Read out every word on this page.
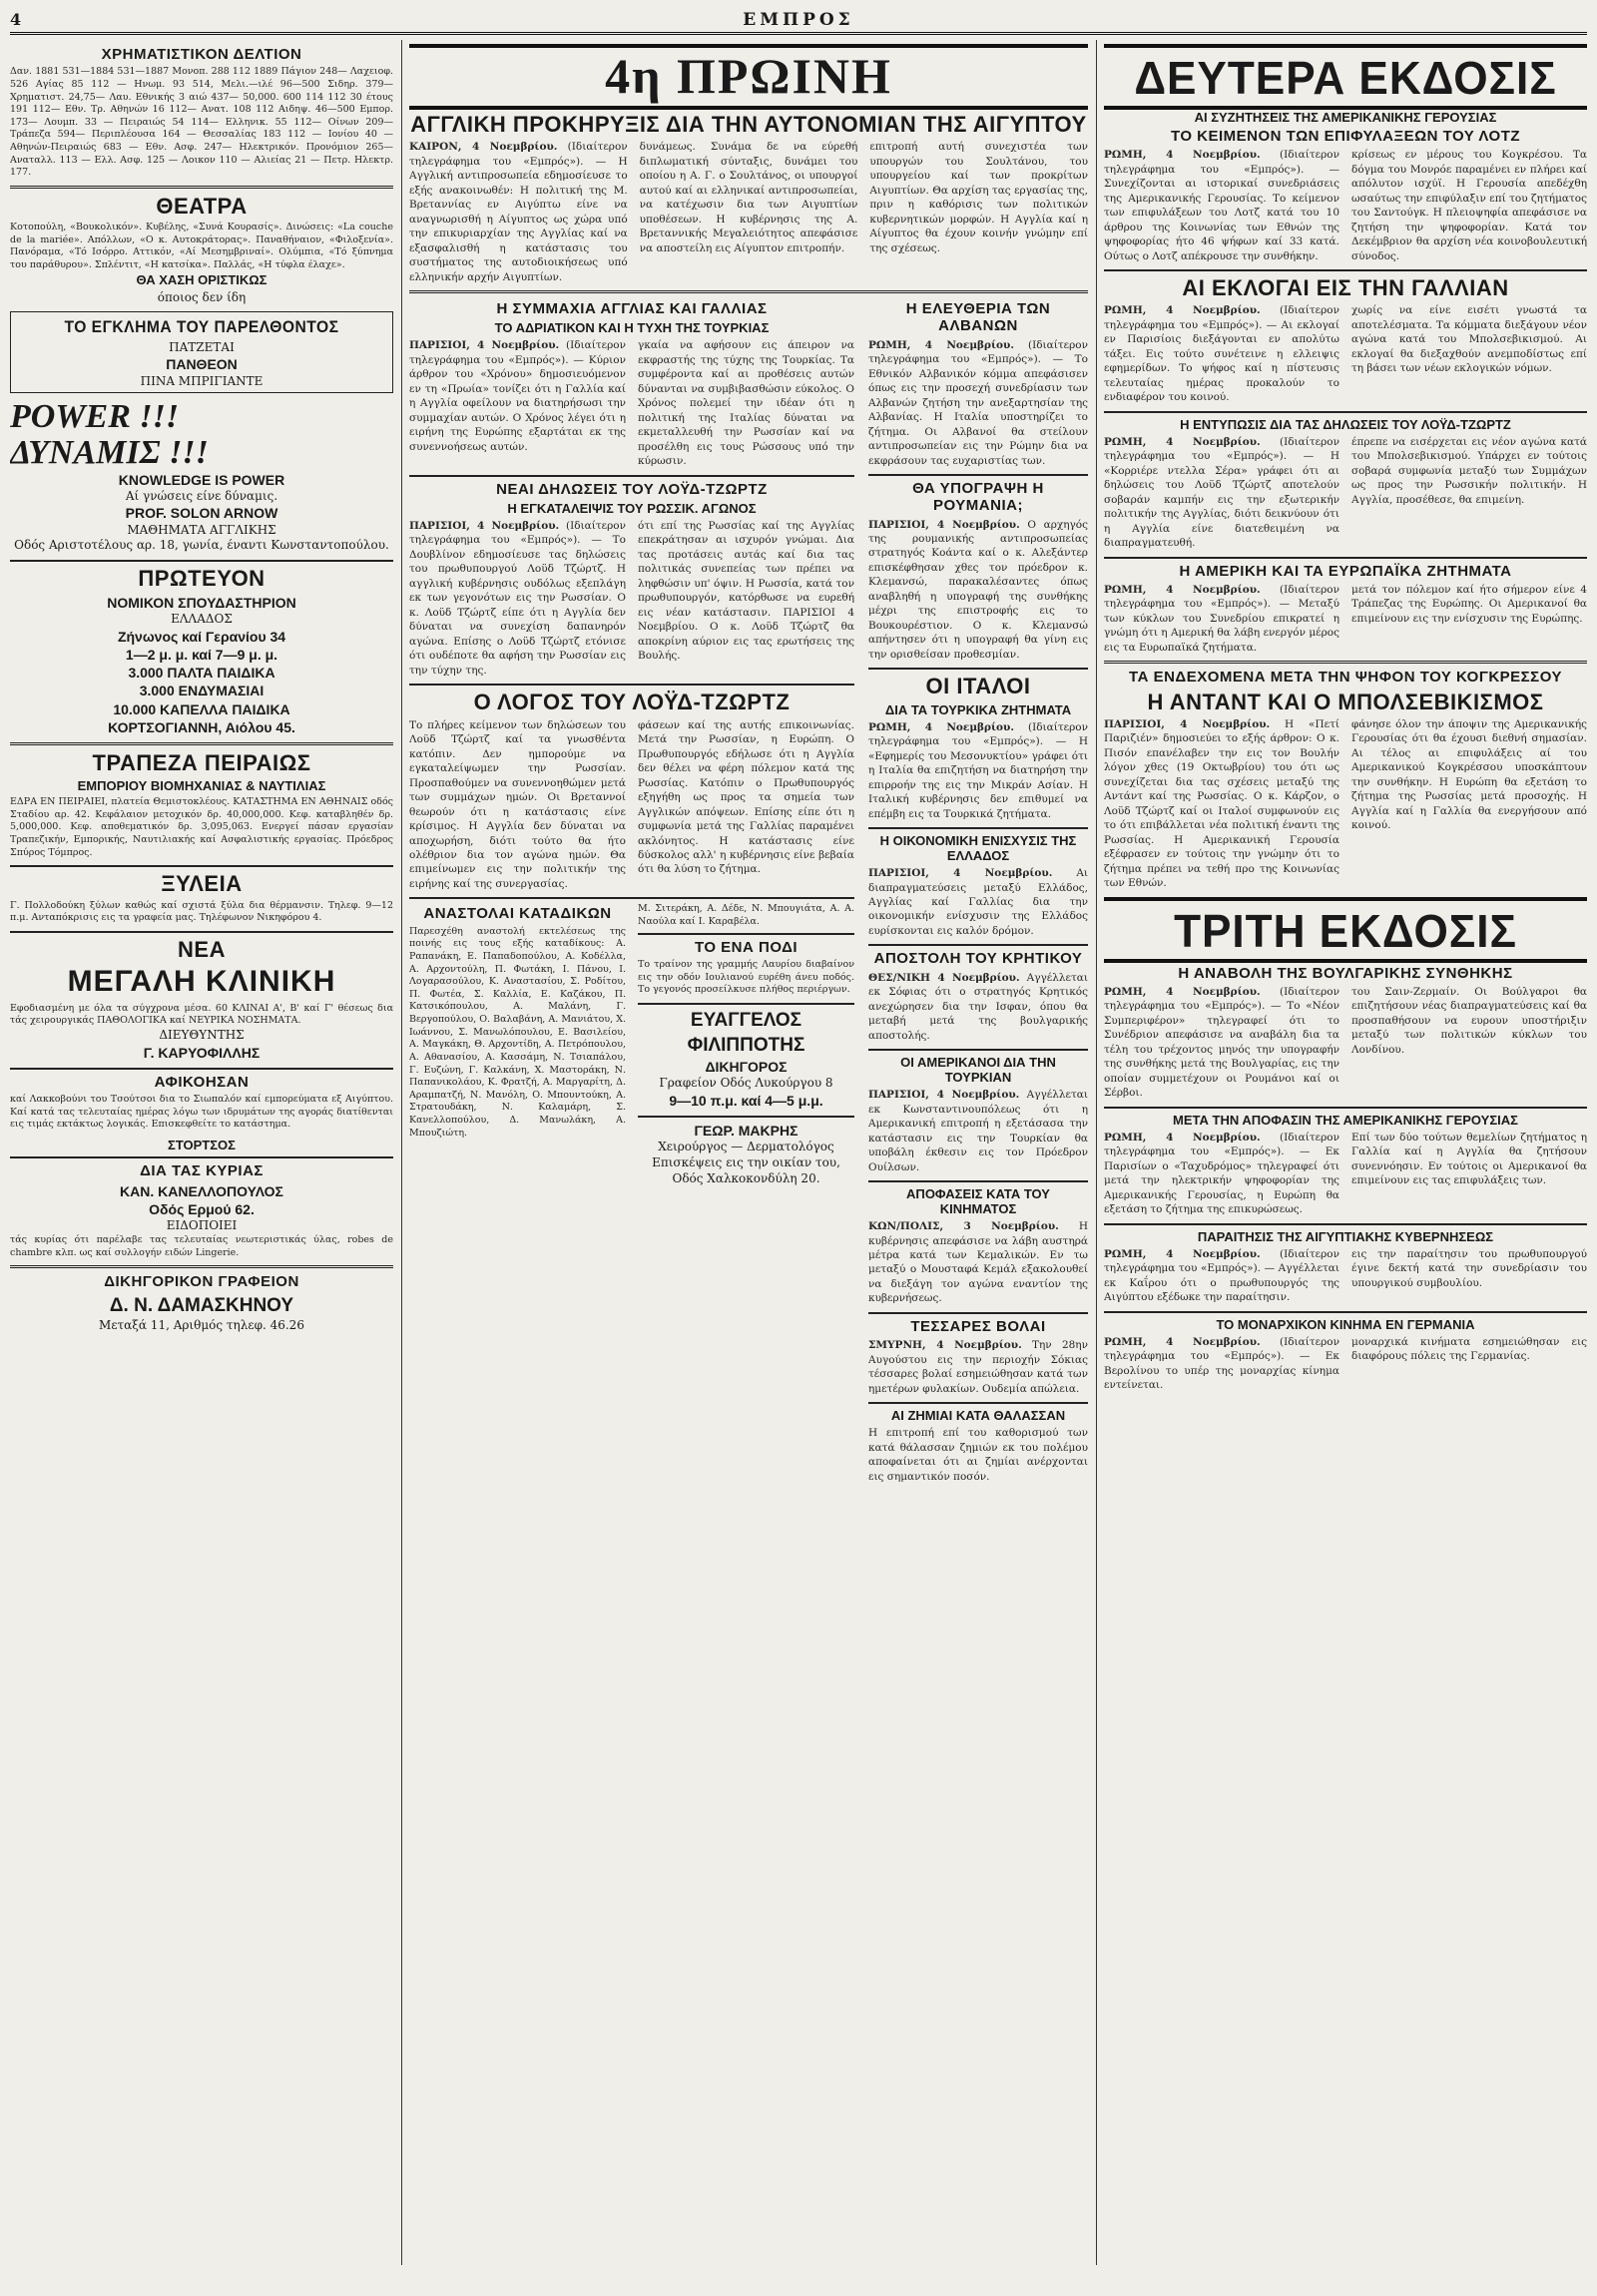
4	ΕΜΠΡΟΣ
ΧΡΗΜΑΤΙΣΤΙΚΟΝ ΔΕΛΤΙΟΝ

Δαν. 1881 531—1884 531—1887 Μονοπ. 288 112 1889 Πάγιον 248— Λαχειοφ. 526 Αγίας 85 112 — Ηνωμ. 93 514, Μελι.—ιλέ 96—500 Σιδηρ. 379— Χρηματιστ. 24,75— Λαυ. Εθνικής 3 αιώ 437— 50,000. 600 114 112 30 έτους 191 112— Εθν. Τρ. Αθηνών 16 112— Ανατ. 108 112 Αιδηψ. 46—500 Εμπορ. 173— Λουμπ. 33 — Πειραιώς 54 114— Ελληνικ. 55 112— Οίνων 209— Τράπεζα 594— Περιπλέουσα 164 — Θεσσαλίας 183 112 — Ιονίου 40 — Αθηνών-Πειραιώς 683 — Εθν. Ασφ. 247— Ηλεκτρικόν. Προνόμιον 265— Αναταλλ. 113 — Ελλ. Ασφ. 125 — Λοικον 110 — Αλιείας 21 — Πετρ. Ηλεκτρ. 177.

ΘΕΑΤΡΑ

Κοτοπούλη, «Βουκολικόν». Κυβέλης, «Συνά Κουρασίς». Δινώσεις: «La couche de la mariée». Απόλλων, «Ο κ. Αυτοκράτορας». Παναθήναιον, «Φιλοξενία». Πανόραμα, «Τό Ισόρρο. Αττικόν, «Αί Μεσημβριναί». Ολύμπια, «Τό ξύπνημα του παράθυρου». Σπλέντιτ, «Η κατσίκα». Παλλάς, «Η τύφλα έλαχε».

ΘΑ ΧΑΣΗ ΟΡΙΣΤΙΚΩΣ

όποιος δεν ίδη

ΤΟ ΕΓΚΛΗΜΑ ΤΟΥ ΠΑΡΕΛΘΟΝΤΟΣ

ΠΑΤΖΕΤΑΙ

ΠΑΝΘΕΟΝ

ΠΙΝΑ ΜΠΡΙΓΙΑΝΤΕ

POWER !!!

ΔΥΝΑΜΙΣ !!!

KNOWLEDGE IS POWER

Αί γνώσεις είνε δύναμις.

PROF. SOLON ARNOW

ΜΑΘΗΜΑΤΑ ΑΓΓΛΙΚΗΣ

Οδός Αριστοτέλους αρ. 18, γωνία, έναντι Κωνσταντοπούλου.

ΠΡΩΤΕΥΟΝ

ΝΟΜΙΚΟΝ ΣΠΟΥΔΑΣΤΗΡΙΟΝ

ΕΛΛΑΔΟΣ

Ζήνωνος καί Γερανίου 34

1—2 μ. μ. καί 7—9 μ. μ.

3.000 ΠΑΛΤΑ ΠΑΙΔΙΚΑ

3.000 ΕΝΔΥΜΑΣΙΑΙ

10.000 ΚΑΠΕΛΛΑ ΠΑΙΔΙΚΑ

ΚΟΡΤΣΟΓΙΑΝΝΗ, Αιόλου 45.

ΤΡΑΠΕΖΑ ΠΕΙΡΑΙΩΣ
ΕΜΠΟΡΙΟΥ ΒΙΟΜΗΧΑΝΙΑΣ & ΝΑΥΤΙΛΙΑΣ

ΕΔΡΑ ΕΝ ΠΕΙΡΑΙΕΙ, πλατεία Θεμιστοκλέους. ΚΑΤΑΣΤΗΜΑ ΕΝ ΑΘΗΝΑΙΣ οδός Σταδίου αρ. 42. Κεφάλαιον μετοχικόν δρ. 40,000,000. Κεφ. καταβληθέν δρ. 5,000,000. Κεφ. αποθεματικόν δρ. 3,095,063. Ενεργεί πάσαν εργασίαν Τραπεζικήν, Εμπορικής, Ναυτιλιακής καί Ασφαλιστικής εργασίας. Πρόεδρος Σπύρος Τόμπρος.

ΞΥΛΕΙΑ

Γ. Πολλοδούκη ξύλων καθώς καί σχιστά ξύλα δια θέρμανσιν. Τηλεφ. 9—12 π.μ. Ανταπόκρισις εις τα γραφεία μας. Τηλέφωνον Νικηφόρου 4.

ΝΕΑ
ΜΕΓΑΛΗ ΚΛΙΝΙΚΗ

Εφοδιασμένη με όλα τα σύγχρονα μέσα. 60 ΚΛΙΝΑΙ Α', Β' καί Γ' θέσεως δια τάς χειρουργικάς ΠΑΘΟΛΟΓΙΚΑ καί ΝΕΥΡΙΚΑ ΝΟΣΗΜΑΤΑ.

ΔΙΕΥΘΥΝΤΗΣ

Γ. ΚΑΡΥΟΦΙΛΛΗΣ

ΑΦΙΚΟΗΣΑΝ

καί Λακκοβούνι του Τσούτσοι δια το Σιωπαλόν καί εμπορεύματα εξ Αιγύπτου. Καί κατά τας τελευταίας ημέρας λόγω των ιδρυμάτων της αγοράς διατίθενται εις τιμάς εκτάκτως λογικάς. Επισκεφθείτε το κατάστημα.

ΣΤΟΡΤΣΟΣ
ΔΙΑ ΤΑΣ ΚΥΡΙΑΣ

ΚΑΝ. ΚΑΝΕΛΛΟΠΟΥΛΟΣ

Οδός Ερμού 62.

ΕΙΔΟΠΟΙΕΙ

τάς κυρίας ότι παρέλαβε τας τελευταίας νεωτεριστικάς ύλας, robes de chambre κλπ. ως καί συλλογήν ειδών Lingerie.

ΔΙΚΗΓΟΡΙΚΟΝ ΓΡΑΦΕΙΟΝ

Δ. Ν. ΔΑΜΑΣΚΗΝΟΥ

Μεταξά 11, Αριθμός τηλεφ. 46.26

4η ΠΡΩΙΝΗ
ΑΓΓΛΙΚΗ ΠΡΟΚΗΡΥΞΙΣ ΔΙΑ ΤΗΝ ΑΥΤΟΝΟΜΙΑΝ ΤΗΣ ΑΙΓΥΠΤΟΥ

ΚΑΙΡΟΝ, 4 Νοεμβρίου. (Ιδιαίτερον τηλεγράφημα του «Εμπρός»). — Η Αγγλική αντιπροσωπεία εδημοσίευσε το εξής ανακοινωθέν: Η πολιτική της Μ. Βρεταννίας εν Αιγύπτω είνε να αναγνωρισθή η Αίγυπτος ως χώρα υπό την επικυριαρχίαν της Αγγλίας καί να εξασφαλισθή η κατάστασις του συστήματος της αυτοδιοικήσεως υπό ελληνικήν αρχήν Αιγυπτίων.

δυνάμεως. Συνάμα δε να εύρεθή διπλωματική σύνταξις, δυνάμει του οποίου η Α. Γ. ο Σουλτάνος, οι υπουργοί αυτού καί αι ελληνικαί αντιπροσωπείαι, να κατέχωσιν δια των Αιγυπτίων υποθέσεων. Η κυβέρνησις της Α. Βρεταννικής Μεγαλειότητος απεφάσισε να αποστείλη εις Αίγυπτον επιτροπήν.

επιτροπή αυτή συνεχιστέα των υπουργών του Σουλτάνου, του υπουργείου καί των προκρίτων Αιγυπτίων. Θα αρχίση τας εργασίας της, πριν η καθόρισις των πολιτικών κυβερνητικών μορφών. Η Αγγλία καί η Αίγυπτος θα έχουν κοινήν γνώμην επί της σχέσεως.

Η ΣΥΜΜΑΧΙΑ ΑΓΓΛΙΑΣ ΚΑΙ ΓΑΛΛΙΑΣ
ΤΟ ΑΔΡΙΑΤΙΚΟΝ ΚΑΙ Η ΤΥΧΗ ΤΗΣ ΤΟΥΡΚΙΑΣ

ΠΑΡΙΣΙΟΙ, 4 Νοεμβρίου. (Ιδιαίτερον τηλεγράφημα του «Εμπρός»). — Κύριον άρθρον του «Χρόνου» δημοσιευόμενον εν τη «Πρωία» τονίζει ότι η Γαλλία καί η Αγγλία οφείλουν να διατηρήσωσι την συμμαχίαν αυτών. Ο Χρόνος λέγει ότι η ειρήνη της Ευρώπης εξαρτάται εκ της συνεννοήσεως αυτών.

γκαία να αφήσουν εις άπειρον να εκφραστής της τύχης της Τουρκίας. Τα συμφέροντα καί αι προθέσεις αυτών δύνανται να συμβιβασθώσιν εύκολος. Ο Χρόνος πολεμεί την ιδέαν ότι η πολιτική της Ιταλίας δύναται να εκμεταλλευθή την Ρωσσίαν καί να προσέλθη εις τους Ρώσσους υπό την κύρωσιν.

ΝΕΑΙ ΔΗΛΩΣΕΙΣ ΤΟΥ ΛΟΫΔ-ΤΖΩΡΤΖ
Η ΕΓΚΑΤΑΛΕΙΨΙΣ ΤΟΥ ΡΩΣΣΙΚ. ΑΓΩΝΟΣ

ΠΑΡΙΣΙΟΙ, 4 Νοεμβρίου. (Ιδιαίτερον τηλεγράφημα του «Εμπρός»). — Το Δουβλίνον εδημοσίευσε τας δηλώσεις του πρωθυπουργού Λοϋδ Τζώρτζ. Η αγγλική κυβέρνησις ουδόλως εξεπλάγη εκ των γεγονότων εις την Ρωσσίαν. Ο κ. Λοϋδ Τζώρτζ είπε ότι η Αγγλία δεν δύναται να συνεχίση δαπανηρόν αγώνα. Επίσης ο Λοϋδ Τζώρτζ ετόνισε ότι ουδέποτε θα αφήση την Ρωσσίαν εις την τύχην της.

ότι επί της Ρωσσίας καί της Αγγλίας επεκράτησαν αι ισχυρόν γνώμαι. Δια τας προτάσεις αυτάς καί δια τας πολιτικάς συνεπείας των πρέπει να ληφθώσιν υπ' όψιν. Η Ρωσσία, κατά τον πρωθυπουργόν, κατόρθωσε να ευρεθή εις νέαν κατάστασιν. ΠΑΡΙΣΙΟΙ 4 Νοεμβρίου. Ο κ. Λοϋδ Τζώρτζ θα αποκρίνη αύριον εις τας ερωτήσεις της Βουλής.

Ο ΛΟΓΟΣ ΤΟΥ ΛΟΫΔ-ΤΖΩΡΤΖ

Το πλήρες κείμενον των δηλώσεων του Λοϋδ Τζώρτζ καί τα γνωσθέντα κατόπιν. Δεν ημπορούμε να εγκαταλείψωμεν την Ρωσσίαν. Προσπαθούμεν να συνεννοηθώμεν μετά των συμμάχων ημών. Οι Βρεταννοί θεωρούν ότι η κατάστασις είνε κρίσιμος. Η Αγγλία δεν δύναται να αποχωρήση, διότι τούτο θα ήτο ολέθριον δια τον αγώνα ημών. Θα επιμείνωμεν εις την πολιτικήν της ειρήνης καί της συνεργασίας.

φάσεων καί της αυτής επικοινωνίας. Μετά την Ρωσσίαν, η Ευρώπη. Ο Πρωθυπουργός εδήλωσε ότι η Αγγλία δεν θέλει να φέρη πόλεμον κατά της Ρωσσίας. Κατόπιν ο Πρωθυπουργός εξηγήθη ως προς τα σημεία των Αγγλικών απόψεων. Επίσης είπε ότι η συμφωνία μετά της Γαλλίας παραμένει ακλόνητος. Η κατάστασις είνε δύσκολος αλλ' η κυβέρνησις είνε βεβαία ότι θα λύση το ζήτημα.

ΑΝΑΣΤΟΛΑΙ ΚΑΤΑΔΙΚΩΝ

Παρεσχέθη αναστολή εκτελέσεως της ποινής εις τους εξής καταδίκους: Α. Ραπανάκη, Ε. Παπαδοπούλου, Α. Κοδέλλα, Α. Αρχοντούλη, Π. Φωτάκη, Ι. Πάνου, Ι. Λογαρασούλου, Κ. Αναστασίου, Σ. Ροδίτου, Π. Φωτέα, Σ. Καλλία, Ε. Καζάκου, Π. Κατσικόπουλου, Α. Μαλάνη, Γ. Βεργοπούλου, Ο. Βαλαβάνη, Α. Μανιάτου, Χ. Ιωάννου, Σ. Μανωλόπουλου, Ε. Βασιλείου, Α. Μαγκάκη, Θ. Αρχοντίδη, Α. Πετρόπουλου, Α. Αθανασίου, Α. Κασσάμη, Ν. Τσιαπάλου, Γ. Ευζώνη, Γ. Καλκάνη, Χ. Μαστοράκη, Ν. Παπανικολάου, Κ. Φρατζή, Α. Μαργαρίτη, Δ. Αραμπατζή, Ν. Μανόλη, Ο. Μπουντούκη, Α. Στρατουδάκη, Ν. Καλαμάρη, Σ. Κανελλοπούλου, Δ. Μανωλάκη, Α. Μπουζιώτη.

Μ. Σιτεράκη, Α. Δέδε, Ν. Μπουγιάτα, Α. Α. Ναούλα καί Ι. Καραβέλα.

ΤΟ ΕΝΑ ΠΟΔΙ

Το τραίνον της γραμμής Λαυρίου διαβαίνον εις την οδόν Ιουλιανού ευρέθη άνευ ποδός. Το γεγονός προσείλκυσε πλήθος περιέργων.

ΕΥΑΓΓΕΛΟΣ ΦΙΛΙΠΠΟΤΗΣ

ΔΙΚΗΓΟΡΟΣ

Γραφείον Οδός Λυκούργου 8

9—10 π.μ. καί 4—5 μ.μ.

ΓΕΩΡ. ΜΑΚΡΗΣ

Χειρούργος — Δερματολόγος

Επισκέψεις εις την οικίαν του, Οδός Χαλκοκονδύλη 20.

Η ΕΛΕΥΘΕΡΙΑ ΤΩΝ ΑΛΒΑΝΩΝ

ΡΩΜΗ, 4 Νοεμβρίου. (Ιδιαίτερον τηλεγράφημα του «Εμπρός»). — Το Εθνικόν Αλβανικόν κόμμα απεφάσισεν όπως εις την προσεχή συνεδρίασιν των Αλβανών ζητήση την ανεξαρτησίαν της Αλβανίας. Η Ιταλία υποστηρίζει το ζήτημα. Οι Αλβανοί θα στείλουν αντιπροσωπείαν εις την Ρώμην δια να εκφράσουν τας ευχαριστίας των.

ΘΑ ΥΠΟΓΡΑΨΗ Η ΡΟΥΜΑΝΙΑ;

ΠΑΡΙΣΙΟΙ, 4 Νοεμβρίου. Ο αρχηγός της ρουμανικής αντιπροσωπείας στρατηγός Κοάντα καί ο κ. Αλεξάντερ επισκέφθησαν χθες τον πρόεδρον κ. Κλεμανσώ, παρακαλέσαντες όπως αναβληθή η υπογραφή της συνθήκης μέχρι της επιστροφής εις το Βουκουρέστιον. Ο κ. Κλεμανσώ απήντησεν ότι η υπογραφή θα γίνη εις την ορισθείσαν προθεσμίαν.

ΟΙ ΙΤΑΛΟΙ
ΔΙΑ ΤΑ ΤΟΥΡΚΙΚΑ ΖΗΤΗΜΑΤΑ

ΡΩΜΗ, 4 Νοεμβρίου. (Ιδιαίτερον τηλεγράφημα του «Εμπρός»). — Η «Εφημερίς του Μεσονυκτίου» γράφει ότι η Ιταλία θα επιζητήση να διατηρήση την επιρροήν της εις την Μικράν Ασίαν. Η Ιταλική κυβέρνησις δεν επιθυμεί να επέμβη εις τα Τουρκικά ζητήματα.

Η ΟΙΚΟΝΟΜΙΚΗ ΕΝΙΣΧΥΣΙΣ ΤΗΣ ΕΛΛΑΔΟΣ

ΠΑΡΙΣΙΟΙ, 4 Νοεμβρίου. Αι διαπραγματεύσεις μεταξύ Ελλάδος, Αγγλίας καί Γαλλίας δια την οικονομικήν ενίσχυσιν της Ελλάδος ευρίσκονται εις καλόν δρόμον.

ΑΠΟΣΤΟΛΗ ΤΟΥ ΚΡΗΤΙΚΟΥ

ΘΕΣ/ΝΙΚΗ 4 Νοεμβρίου. Αγγέλλεται εκ Σόφιας ότι ο στρατηγός Κρητικός ανεχώρησεν δια την Ισφαν, όπου θα μεταβή μετά της βουλγαρικής αποστολής.

ΟΙ ΑΜΕΡΙΚΑΝΟΙ ΔΙΑ ΤΗΝ ΤΟΥΡΚΙΑΝ

ΠΑΡΙΣΙΟΙ, 4 Νοεμβρίου. Αγγέλλεται εκ Κωνσταντινουπόλεως ότι η Αμερικανική επιτροπή η εξετάσασα την κατάστασιν εις την Τουρκίαν θα υποβάλη έκθεσιν εις τον Πρόεδρον Ουίλσων.

ΑΠΟΦΑΣΕΙΣ ΚΑΤΑ ΤΟΥ ΚΙΝΗΜΑΤΟΣ

ΚΩΝ/ΠΟΛΙΣ, 3 Νοεμβρίου. Η κυβέρνησις απεφάσισε να λάβη αυστηρά μέτρα κατά των Κεμαλικών. Εν τω μεταξύ ο Μουσταφά Κεμάλ εξακολουθεί να διεξάγη τον αγώνα εναντίον της κυβερνήσεως.

ΤΕΣΣΑΡΕΣ ΒΟΛΑΙ

ΣΜΥΡΝΗ, 4 Νοεμβρίου. Την 28ην Αυγούστου εις την περιοχήν Σόκιας τέσσαρες βολαί εσημειώθησαν κατά των ημετέρων φυλακίων. Ουδεμία απώλεια.

ΑΙ ΖΗΜΙΑΙ ΚΑΤΑ ΘΑΛΑΣΣΑΝ

Η επιτροπή επί του καθορισμού των κατά θάλασσαν ζημιών εκ του πολέμου αποφαίνεται ότι αι ζημίαι ανέρχονται εις σημαντικόν ποσόν.

ΔΕΥΤΕΡΑ ΕΚΔΟΣΙΣ
ΑΙ ΣΥΖΗΤΗΣΕΙΣ ΤΗΣ ΑΜΕΡΙΚΑΝΙΚΗΣ ΓΕΡΟΥΣΙΑΣ
ΤΟ ΚΕΙΜΕΝΟΝ ΤΩΝ ΕΠΙΦΥΛΑΞΕΩΝ ΤΟΥ ΛΟΤΖ

ΡΩΜΗ, 4 Νοεμβρίου. (Ιδιαίτερον τηλεγράφημα του «Εμπρός»). — Συνεχίζονται αι ιστορικαί συνεδριάσεις της Αμερικανικής Γερουσίας. Το κείμενον των επιφυλάξεων του Λοτζ κατά του 10 άρθρου της Κοινωνίας των Εθνών της ψηφοφορίας ήτο 46 ψήφων καί 33 κατά. Ούτως ο Λοτζ απέκρουσε την συνθήκην.

κρίσεως εν μέρους του Κογκρέσου. Τα δόγμα του Μονρόε παραμένει εν πλήρει καί απόλυτον ισχύϊ. Η Γερουσία απεδέχθη ωσαύτως την επιφύλαξιν επί του ζητήματος του Σαντούγκ. Η πλειοψηφία απεφάσισε να ζητήση την ψηφοφορίαν. Κατά τον Δεκέμβριον θα αρχίση νέα κοινοβουλευτική σύνοδος.

ΑΙ ΕΚΛΟΓΑΙ ΕΙΣ ΤΗΝ ΓΑΛΛΙΑΝ

ΡΩΜΗ, 4 Νοεμβρίου. (Ιδιαίτερον τηλεγράφημα του «Εμπρός»). — Αι εκλογαί εν Παρισίοις διεξάγονται εν απολύτω τάξει. Εις τούτο συνέτεινε η ελλειψις εφημερίδων. Το ψήφος καί η πίστευσις τελευταίας ημέρας προκαλούν το ενδιαφέρον του κοινού.

χωρίς να είνε εισέτι γνωστά τα αποτελέσματα. Τα κόμματα διεξάγουν νέον αγώνα κατά του Μπολσεβικισμού. Αι εκλογαί θα διεξαχθούν ανεμποδίστως επί τη βάσει των νέων εκλογικών νόμων.

Η ΕΝΤΥΠΩΣΙΣ ΔΙΑ ΤΑΣ ΔΗΛΩΣΕΙΣ ΤΟΥ ΛΟΫΔ-ΤΖΩΡΤΖ

ΡΩΜΗ, 4 Νοεμβρίου. (Ιδιαίτερον τηλεγράφημα του «Εμπρός»). — Η «Κορριέρε ντελλα Σέρα» γράφει ότι αι δηλώσεις του Λοϋδ Τζώρτζ αποτελούν σοβαράν καμπήν εις την εξωτερικήν πολιτικήν της Αγγλίας, διότι δεικνύουν ότι η Αγγλία είνε διατεθειμένη να διαπραγματευθή.

έπρεπε να εισέρχεται εις νέον αγώνα κατά του Μπολσεβικισμού. Υπάρχει εν τούτοις σοβαρά συμφωνία μεταξύ των Συμμάχων ως προς την Ρωσσικήν πολιτικήν. Η Αγγλία, προσέθεσε, θα επιμείνη.

Η ΑΜΕΡΙΚΗ ΚΑΙ ΤΑ ΕΥΡΩΠΑΪΚΑ ΖΗΤΗΜΑΤΑ

ΡΩΜΗ, 4 Νοεμβρίου. (Ιδιαίτερον τηλεγράφημα του «Εμπρός»). — Μεταξύ των κύκλων του Συνεδρίου επικρατεί η γνώμη ότι η Αμερική θα λάβη ενεργόν μέρος εις τα Ευρωπαϊκά ζητήματα.

μετά τον πόλεμον καί ήτο σήμερον είνε 4 Τράπεζας της Ευρώπης. Οι Αμερικανοί θα επιμείνουν εις την ενίσχυσιν της Ευρώπης.

ΤΑ ΕΝΔΕΧΟΜΕΝΑ ΜΕΤΑ ΤΗΝ ΨΗΦΟΝ ΤΟΥ ΚΟΓΚΡΕΣΣΟΥ
Η ΑΝΤΑΝΤ ΚΑΙ Ο ΜΠΟΛΣΕΒΙΚΙΣΜΟΣ

ΠΑΡΙΣΙΟΙ, 4 Νοεμβρίου. Η «Πετί Παριζιέν» δημοσιεύει το εξής άρθρον: Ο κ. Πισόν επανέλαβεν την εις τον Βουλήν λόγον χθες (19 Οκτωβρίου) του ότι ως συνεχίζεται δια τας σχέσεις μεταξύ της Αντάντ καί της Ρωσσίας. Ο κ. Κάρζον, ο Λοϋδ Τζώρτζ καί οι Ιταλοί συμφωνούν εις το ότι επιβάλλεται νέα πολιτική έναντι της Ρωσσίας. Η Αμερικανική Γερουσία εξέφρασεν εν τούτοις την γνώμην ότι το ζήτημα πρέπει να τεθή προ της Κοινωνίας των Εθνών.

φάνησε όλον την άποψιν της Αμερικανικής Γερουσίας ότι θα έχουσι διεθνή σημασίαν. Αι τέλος αι επιφυλάξεις αί του Αμερικανικού Κογκρέσσου υποσκάπτουν την συνθήκην. Η Ευρώπη θα εξετάση το ζήτημα της Ρωσσίας μετά προσοχής. Η Αγγλία καί η Γαλλία θα ενεργήσουν από κοινού.

ΤΡΙΤΗ ΕΚΔΟΣΙΣ
Η ΑΝΑΒΟΛΗ ΤΗΣ ΒΟΥΛΓΑΡΙΚΗΣ ΣΥΝΘΗΚΗΣ

ΡΩΜΗ, 4 Νοεμβρίου. (Ιδιαίτερον τηλεγράφημα του «Εμπρός»). — Το «Νέον Συμπεριφέρον» τηλεγραφεί ότι το Συνέδριον απεφάσισε να αναβάλη δια τα τέλη του τρέχοντος μηνός την υπογραφήν της συνθήκης μετά της Βουλγαρίας, εις την οποίαν συμμετέχουν οι Ρουμάνοι καί οι Σέρβοι.

του Σαιν-Ζερμαίν. Οι Βούλγαροι θα επιζητήσουν νέας διαπραγματεύσεις καί θα προσπαθήσουν να ευρουν υποστήριξιν μεταξύ των πολιτικών κύκλων του Λονδίνου.

ΜΕΤΑ ΤΗΝ ΑΠΟΦΑΣΙΝ ΤΗΣ ΑΜΕΡΙΚΑΝΙΚΗΣ ΓΕΡΟΥΣΙΑΣ

ΡΩΜΗ, 4 Νοεμβρίου. (Ιδιαίτερον τηλεγράφημα του «Εμπρός»). — Εκ Παρισίων ο «Ταχυδρόμος» τηλεγραφεί ότι μετά την ηλεκτρικήν ψηφοφορίαν της Αμερικανικής Γερουσίας, η Ευρώπη θα εξετάση το ζήτημα της επικυρώσεως.

Επί των δύο τούτων θεμελίων ζητήματος η Γαλλία καί η Αγγλία θα ζητήσουν συνεννόησιν. Εν τούτοις οι Αμερικανοί θα επιμείνουν εις τας επιφυλάξεις των.

ΠΑΡΑΙΤΗΣΙΣ ΤΗΣ ΑΙΓΥΠΤΙΑΚΗΣ ΚΥΒΕΡΝΗΣΕΩΣ

ΡΩΜΗ, 4 Νοεμβρίου. (Ιδιαίτερον τηλεγράφημα του «Εμπρός»). — Αγγέλλεται εκ Καΐρου ότι ο πρωθυπουργός της Αιγύπτου εξέδωκε την παραίτησιν.

εις την παραίτησιν του πρωθυπουργού έγινε δεκτή κατά την συνεδρίασιν του υπουργικού συμβουλίου.

ΤΟ ΜΟΝΑΡΧΙΚΟΝ ΚΙΝΗΜΑ ΕΝ ΓΕΡΜΑΝΙΑ

ΡΩΜΗ, 4 Νοεμβρίου. (Ιδιαίτερον τηλεγράφημα του «Εμπρός»). — Εκ Βερολίνου το υπέρ της μοναρχίας κίνημα εντείνεται.

μοναρχικά κινήματα εσημειώθησαν εις διαφόρους πόλεις της Γερμανίας.
